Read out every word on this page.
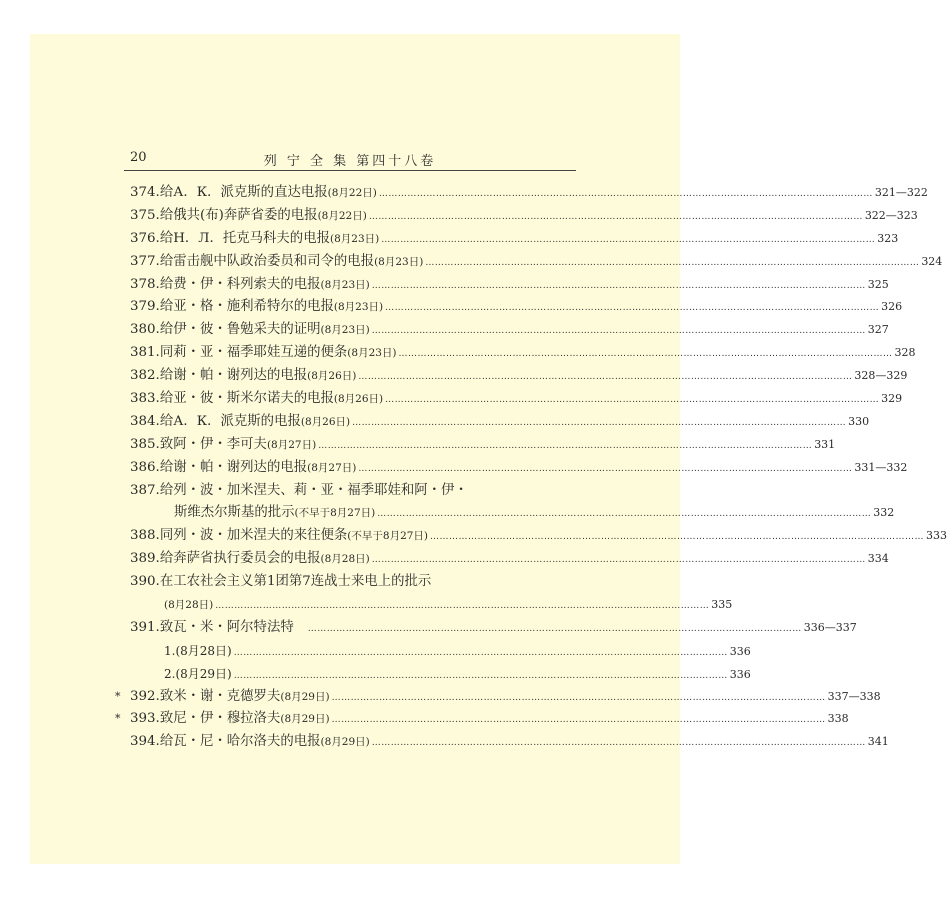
20	列 宁 全 集 第四十八卷
374.给А．К．派克斯的直达电报(8月22日) ………………………………………………………………………………………………………………………………………… 321—322
375.给俄共(布)奔萨省委的电报(8月22日) ………………………………………………………………………………………………………………………………………… 322—323
376.给Н．Л．托克马科夫的电报(8月23日) ………………………………………………………………………………………………………………………………………… 323
377.给雷击舰中队政治委员和司令的电报(8月23日) ………………………………………………………………………………………………………………………………………… 324
378.给费・伊・科列索夫的电报(8月23日) ………………………………………………………………………………………………………………………………………… 325
379.给亚・格・施利希特尔的电报(8月23日) ………………………………………………………………………………………………………………………………………… 326
380.给伊・彼・鲁勉采夫的证明(8月23日) ………………………………………………………………………………………………………………………………………… 327
381.同莉・亚・福季耶娃互递的便条(8月23日) ………………………………………………………………………………………………………………………………………… 328
382.给谢・帕・谢列达的电报(8月26日) ………………………………………………………………………………………………………………………………………… 328—329
383.给亚・彼・斯米尔诺夫的电报(8月26日) ………………………………………………………………………………………………………………………………………… 329
384.给А．К．派克斯的电报(8月26日) ………………………………………………………………………………………………………………………………………… 330
385.致阿・伊・李可夫(8月27日) ………………………………………………………………………………………………………………………………………… 331
386.给谢・帕・谢列达的电报(8月27日) ………………………………………………………………………………………………………………………………………… 331—332
387.给列・波・加米涅夫、莉・亚・福季耶娃和阿・伊・
斯维杰尔斯基的批示(不早于8月27日) ………………………………………………………………………………………………………………………………………… 332
388.同列・波・加米涅夫的来往便条(不早于8月27日) ………………………………………………………………………………………………………………………………………… 333
389.给奔萨省执行委员会的电报(8月28日) ………………………………………………………………………………………………………………………………………… 334
390.在工农社会主义第1团第7连战士来电上的批示
(8月28日) ………………………………………………………………………………………………………………………………………… 335
391.致瓦・米・阿尔特法特 ………………………………………………………………………………………………………………………………………… 336—337
1.(8月28日) ………………………………………………………………………………………………………………………………………… 336
2.(8月29日) ………………………………………………………………………………………………………………………………………… 336
* 392.致米・谢・克德罗夫(8月29日) ………………………………………………………………………………………………………………………………………… 337—338
* 393.致尼・伊・穆拉洛夫(8月29日) ………………………………………………………………………………………………………………………………………… 338
394.给瓦・尼・哈尔洛夫的电报(8月29日) ………………………………………………………………………………………………………………………………………… 341
